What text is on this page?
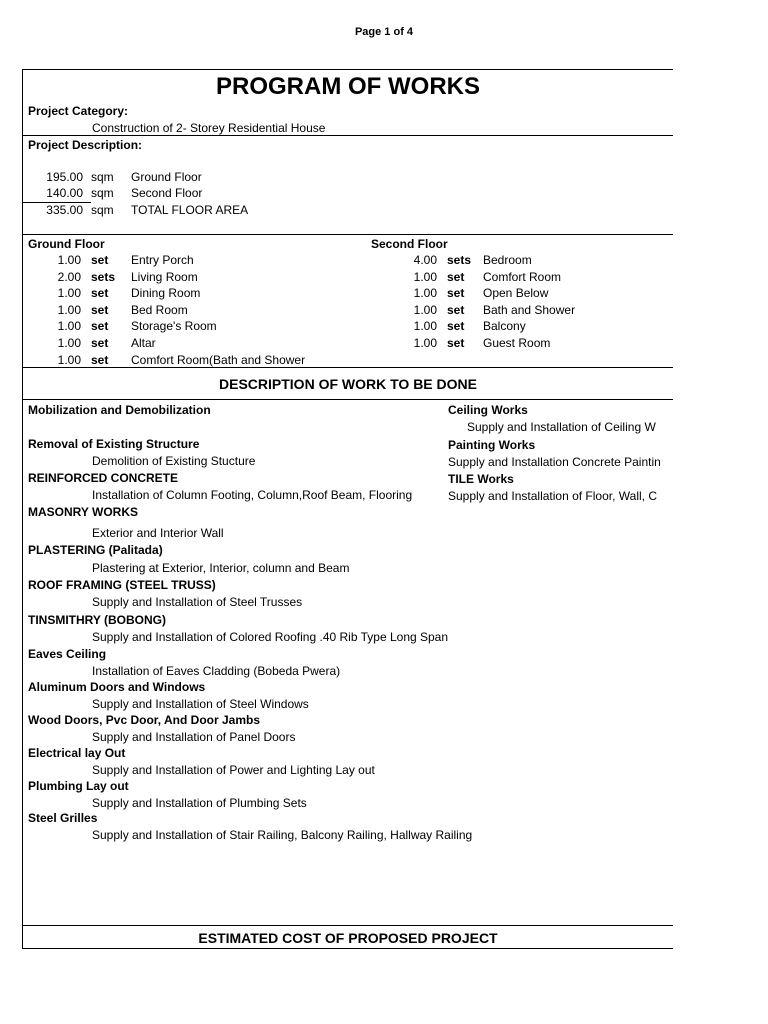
Page 1 of 4
PROGRAM OF WORKS
Project Category:
Construction of 2- Storey Residential House
Project Description:
195.00 sqm Ground Floor
140.00 sqm Second Floor
335.00 sqm TOTAL FLOOR AREA
Ground Floor
1.00 set Entry Porch
2.00 sets Living Room
1.00 set Dining Room
1.00 set Bed Room
1.00 set Storage's Room
1.00 set Altar
1.00 set Comfort Room(Bath and Shower
Second Floor
4.00 sets Bedroom
1.00 set Comfort Room
1.00 set Open Below
1.00 set Bath and Shower
1.00 set Balcony
1.00 set Guest Room
DESCRIPTION OF WORK TO BE DONE
Mobilization and Demobilization
Removal of Existing Structure
Demolition of Existing Stucture
REINFORCED CONCRETE
Installation of Column Footing, Column,Roof Beam, Flooring
MASONRY WORKS
Exterior and Interior Wall
PLASTERING (Palitada)
Plastering at Exterior, Interior, column and Beam
ROOF FRAMING (STEEL TRUSS)
Supply and Installation of Steel Trusses
TINSMITHRY (BOBONG)
Supply and Installation of Colored Roofing .40 Rib Type Long Span
Eaves Ceiling
Installation of Eaves Cladding (Bobeda Pwera)
Aluminum Doors and Windows
Supply and Installation of Steel Windows
Wood Doors, Pvc Door, And Door Jambs
Supply and Installation of Panel Doors
Electrical lay Out
Supply and Installation of Power and Lighting Lay out
Plumbing Lay out
Supply and Installation of Plumbing Sets
Steel Grilles
Supply and Installation of Stair Railing, Balcony Railing, Hallway Railing
Ceiling Works
Supply and Installation of Ceiling W
Painting Works
Supply and Installation Concrete Paintin
TILE Works
Supply and Installation of Floor, Wall, C
ESTIMATED COST OF PROPOSED PROJECT
